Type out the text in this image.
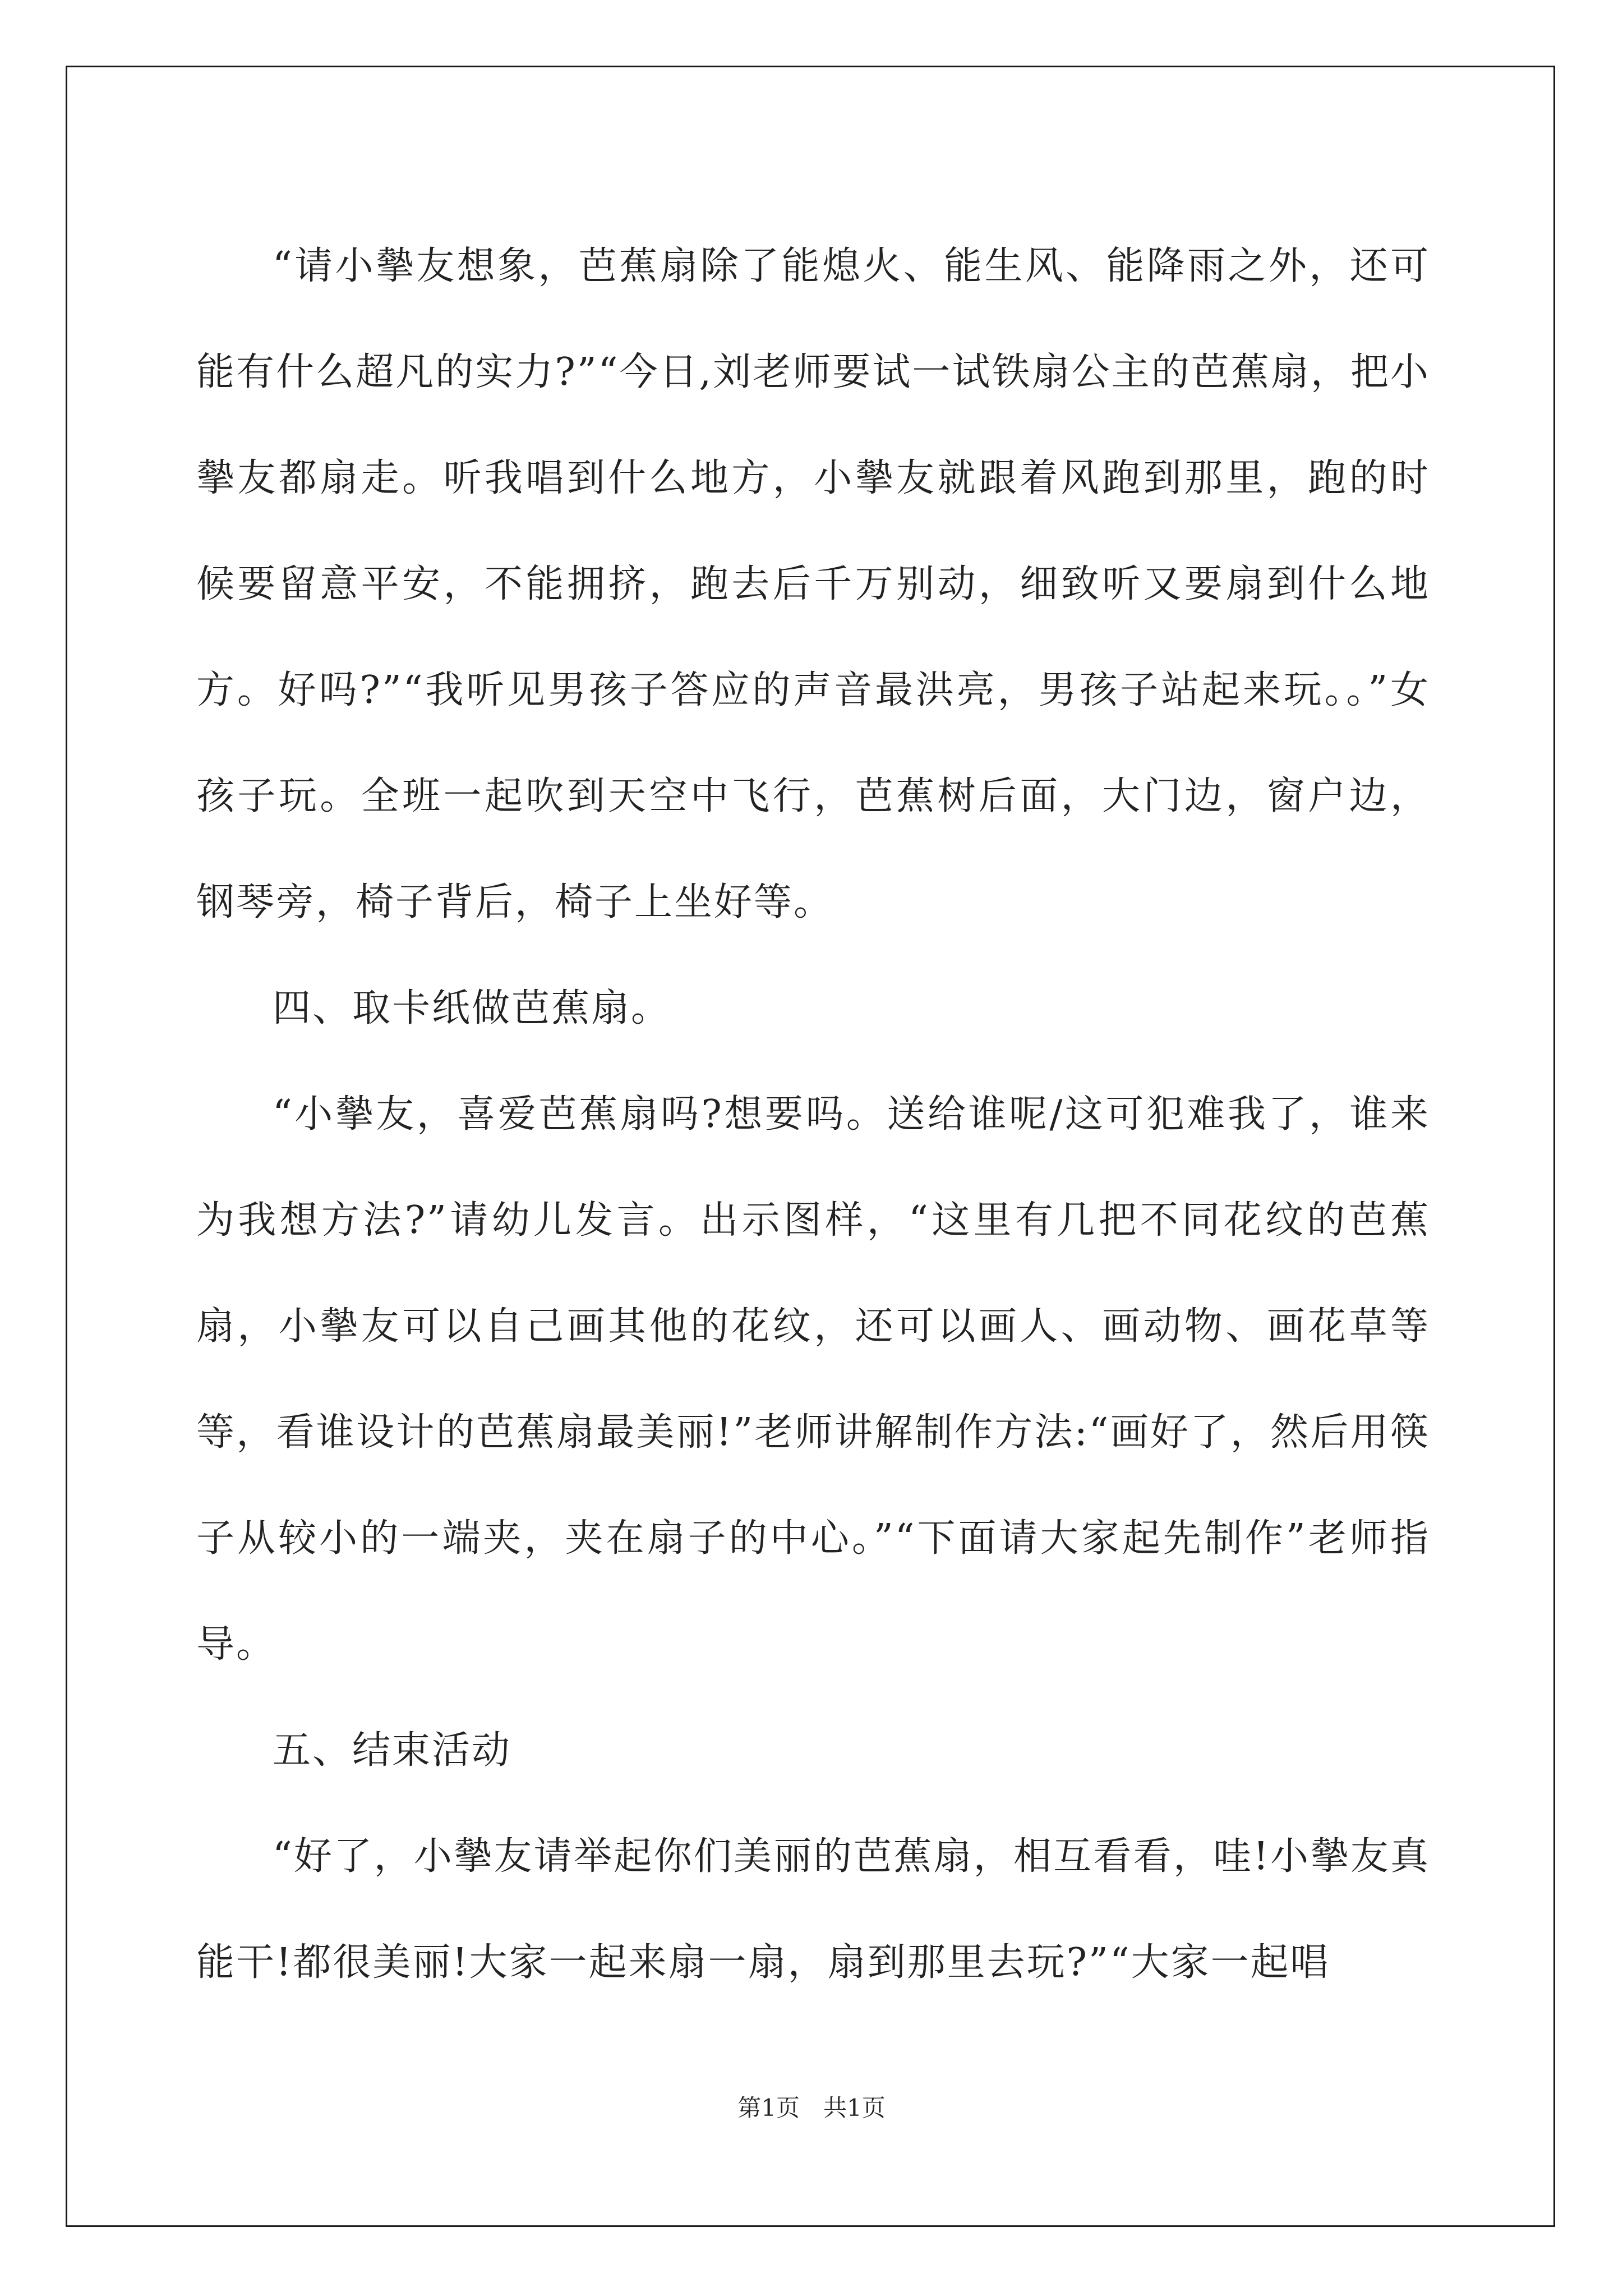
“请小摰友想象，芭蕉扇除了能熄火、能生风、能降雨之外，还可能有什么超凡的实力?”“今日,刘老师要试一试铁扇公主的芭蕉扇，把小摰友都扇走。听我唱到什么地方，小摰友就跟着风跑到那里，跑的时候要留意平安，不能拥挤，跑去后千万别动，细致听又要扇到什么地方。好吗?”“我听见男孩子答应的声音最洪亮，男孩子站起来玩。。”女孩子玩。全班一起吹到天空中飞行，芭蕉树后面，大门边，窗户边，钢琴旁，椅子背后，椅子上坐好等。

四、取卡纸做芭蕉扇。

“小摰友，喜爱芭蕉扇吗?想要吗。送给谁呢/这可犯难我了，谁来为我想方法?”请幼儿发言。出示图样，“这里有几把不同花纹的芭蕉扇，小摰友可以自己画其他的花纹，还可以画人、画动物、画花草等等，看谁设计的芭蕉扇最美丽!”老师讲解制作方法:“画好了，然后用筷子从较小的一端夹，夹在扇子的中心。”“下面请大家起先制作”老师指导。

五、结束活动

“好了，小摰友请举起你们美丽的芭蕉扇，相互看看，哇!小摰友真能干!都很美丽!大家一起来扇一扇，扇到那里去玩?”“大家一起唱

第1页 共1页
